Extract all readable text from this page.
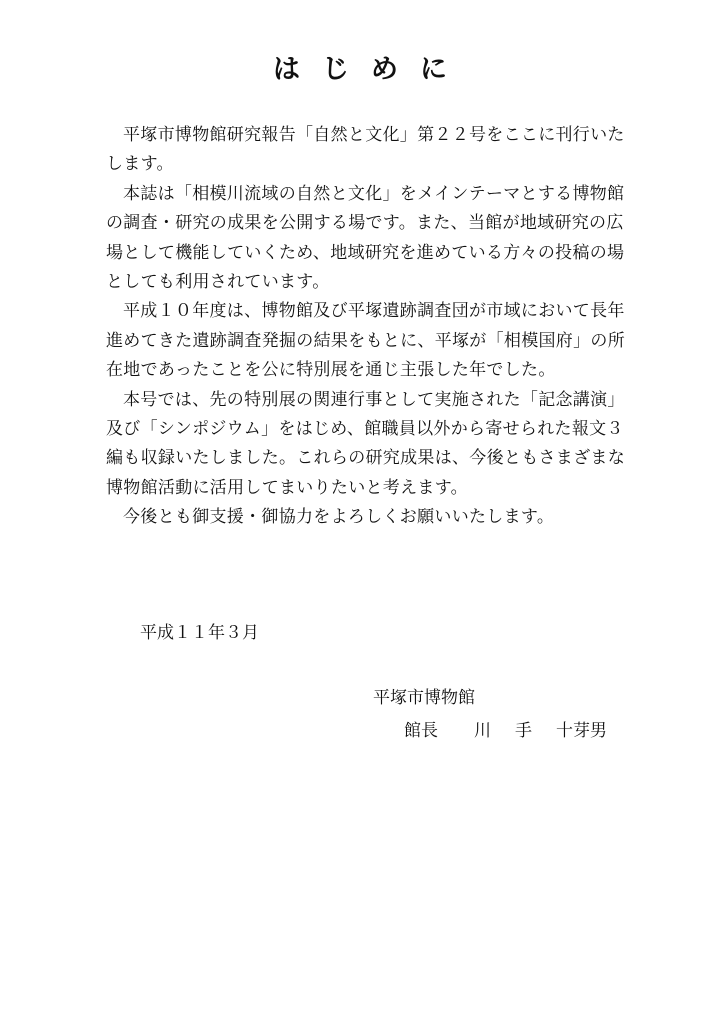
はじめに

平塚市博物館研究報告「自然と文化」第２２号をここに刊行いたします。

本誌は「相模川流域の自然と文化」をメインテーマとする博物館の調査・研究の成果を公開する場です。また、当館が地域研究の広場として機能していくため、地域研究を進めている方々の投稿の場としても利用されています。

平成１０年度は、博物館及び平塚遺跡調査団が市域において長年進めてきた遺跡調査発掘の結果をもとに、平塚が「相模国府」の所在地であったことを公に特別展を通じ主張した年でした。

本号では、先の特別展の関連行事として実施された「記念講演」及び「シンポジウム」をはじめ、館職員以外から寄せられた報文３編も収録いたしました。これらの研究成果は、今後ともさまざまな博物館活動に活用してまいりたいと考えます。

今後とも御支援・御協力をよろしくお願いいたします。

平成１１年３月
平塚市博物館
館長 川 手 十芽男
